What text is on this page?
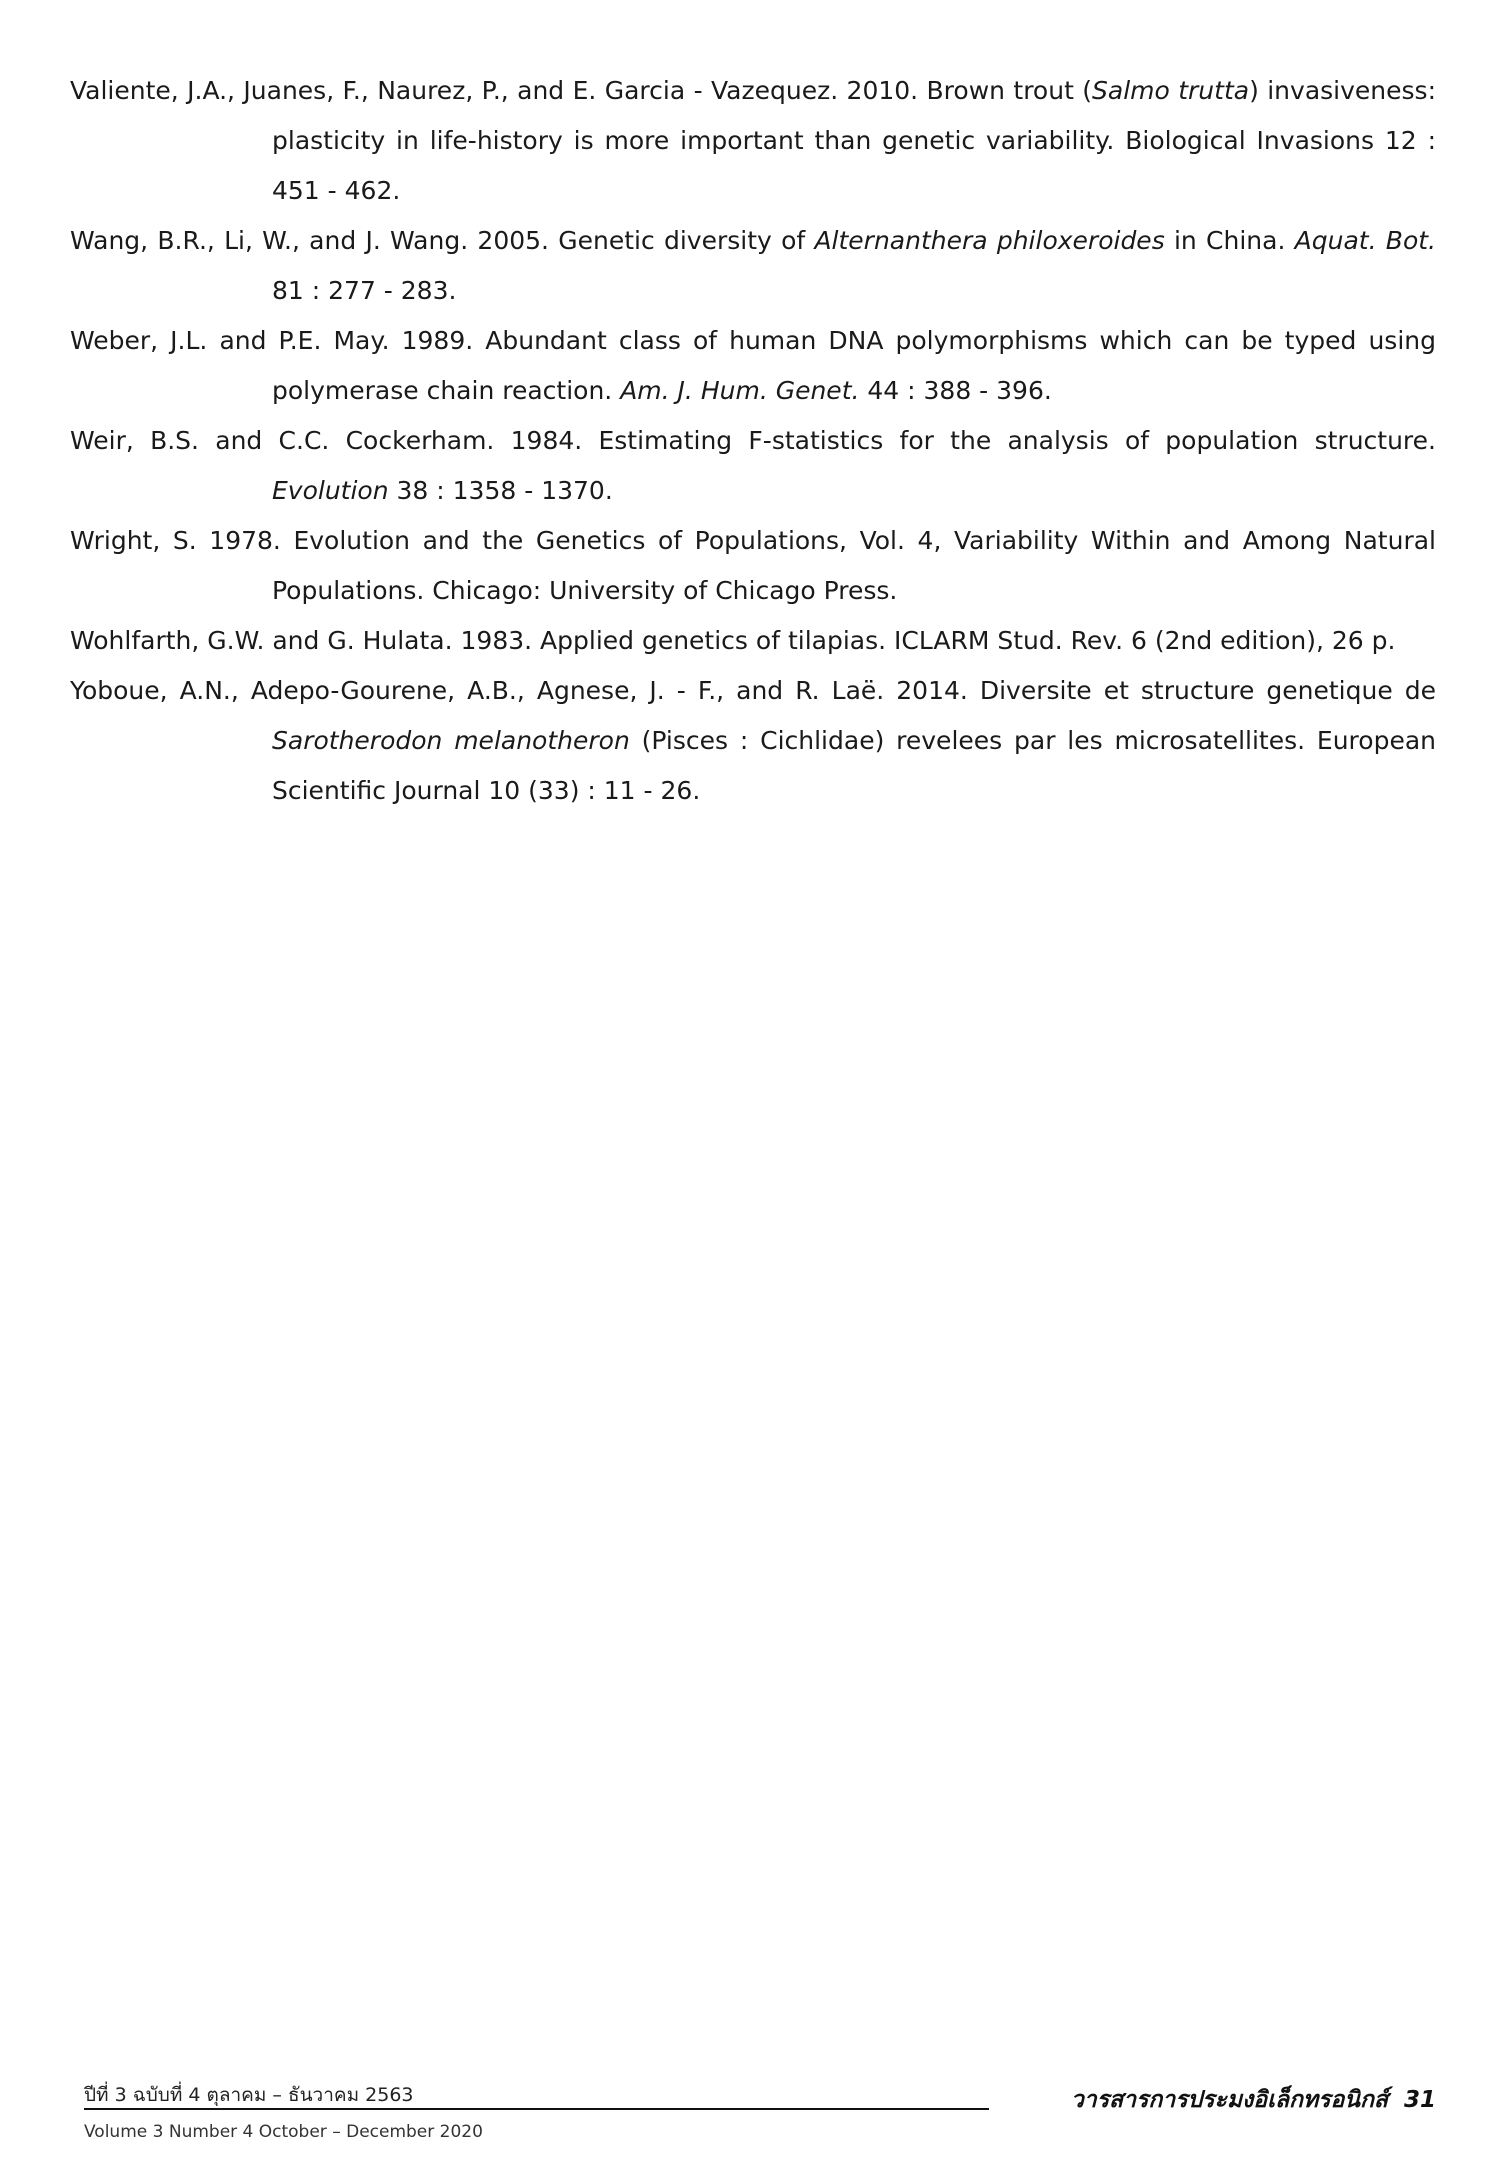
Valiente, J.A., Juanes, F., Naurez, P., and E. Garcia - Vazequez. 2010. Brown trout (Salmo trutta) invasiveness: plasticity in life-history is more important than genetic variability. Biological Invasions 12 : 451 - 462.

Wang, B.R., Li, W., and J. Wang. 2005. Genetic diversity of Alternanthera philoxeroides in China. Aquat. Bot. 81 : 277 - 283.

Weber, J.L. and P.E. May. 1989. Abundant class of human DNA polymorphisms which can be typed using polymerase chain reaction. Am. J. Hum. Genet. 44 : 388 - 396.

Weir, B.S. and C.C. Cockerham. 1984. Estimating F-statistics for the analysis of population structure. Evolution 38 : 1358 - 1370.

Wright, S. 1978. Evolution and the Genetics of Populations, Vol. 4, Variability Within and Among Natural Populations. Chicago: University of Chicago Press.

Wohlfarth, G.W. and G. Hulata. 1983. Applied genetics of tilapias. ICLARM Stud. Rev. 6 (2nd edition), 26 p.

Yoboue, A.N., Adepo-Gourene, A.B., Agnese, J. - F., and R. Laë. 2014. Diversite et structure genetique de Sarotherodon melanotheron (Pisces : Cichlidae) revelees par les microsatellites. European Scientific Journal 10 (33) : 11 - 26.

ปีที่ 3 ฉบับที่ 4 ตุลาคม – ธันวาคม 2563	วารสารการประมงอิเล็กทรอนิกส์ 31
Volume 3 Number 4 October – December 2020
